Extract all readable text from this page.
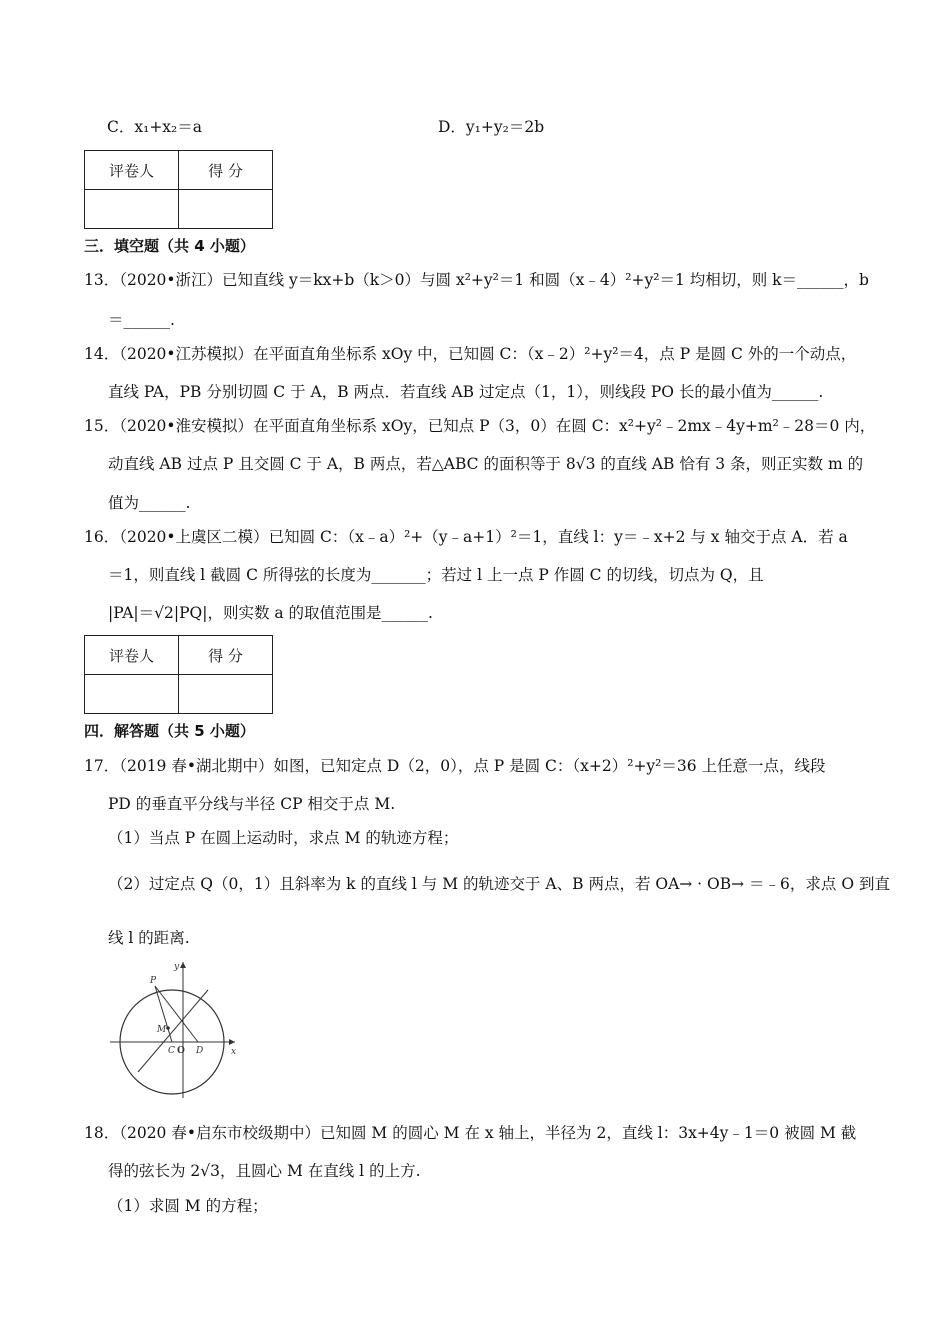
C．x₁+x₂＝a	D．y₁+y₂＝2b
评卷人	得 分

三．填空题（共 4 小题）
13．（2020•浙江）已知直线 y＝kx+b（k＞0）与圆 x²+y²＝1 和圆（x﹣4）²+y²＝1 均相切，则 k＝______，b
＝______.
14．（2020•江苏模拟）在平面直角坐标系 xOy 中，已知圆 C：（x﹣2）²+y²＝4，点 P 是圆 C 外的一个动点，
直线 PA，PB 分别切圆 C 于 A，B 两点．若直线 AB 过定点（1，1），则线段 PO 长的最小值为______.
15．（2020•淮安模拟）在平面直角坐标系 xOy，已知点 P（3，0）在圆 C：x²+y²﹣2mx﹣4y+m²﹣28＝0 内，
动直线 AB 过点 P 且交圆 C 于 A，B 两点，若△ABC 的面积等于 8√3 的直线 AB 恰有 3 条，则正实数 m 的
值为______.
16．（2020•上虞区二模）已知圆 C：（x﹣a）²+（y﹣a+1）²＝1，直线 l：y＝﹣x+2 与 x 轴交于点 A．若 a
＝1，则直线 l 截圆 C 所得弦的长度为_______；若过 l 上一点 P 作圆 C 的切线，切点为 Q，且
|PA|＝√2|PQ|，则实数 a 的取值范围是______.
评卷人	得 分

四．解答题（共 5 小题）
17．（2019 春•湖北期中）如图，已知定点 D（2，0），点 P 是圆 C：（x+2）²+y²＝36 上任意一点，线段
PD 的垂直平分线与半径 CP 相交于点 M.
（1）当点 P 在圆上运动时，求点 M 的轨迹方程；
（2）过定点 Q（0，1）且斜率为 k 的直线 l 与 M 的轨迹交于 A、B 两点，若 OA→ · OB→ ＝﹣6，求点 O 到直
线 l 的距离.
P
y
M
C O D	x
18．（2020 春•启东市校级期中）已知圆 M 的圆心 M 在 x 轴上，半径为 2，直线 l：3x+4y﹣1＝0 被圆 M 截
得的弦长为 2√3，且圆心 M 在直线 l 的上方.
（1）求圆 M 的方程；
